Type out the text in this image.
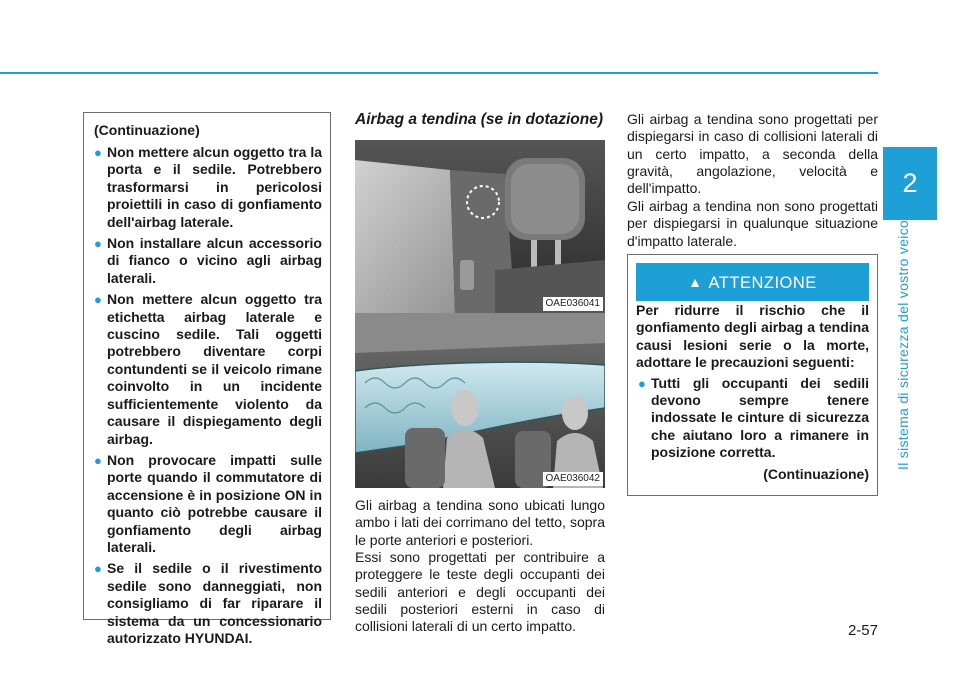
(Continuazione)
● Non mettere alcun oggetto tra la porta e il sedile. Potrebbero trasformarsi in pericolosi proiettili in caso di gonfiamento dell'airbag laterale.
● Non installare alcun accessorio di fianco o vicino agli airbag laterali.
● Non mettere alcun oggetto tra etichetta airbag laterale e cuscino sedile. Tali oggetti potrebbero diventare corpi contundenti se il veicolo rimane coinvolto in un incidente sufficientemente violento da causare il dispiegamento degli airbag.
● Non provocare impatti sulle porte quando il commutatore di accensione è in posizione ON in quanto ciò potrebbe causare il gonfiamento degli airbag laterali.
● Se il sedile o il rivestimento sedile sono danneggiati, non consigliamo di far riparare il sistema da un concessionario autorizzato HYUNDAI.
Airbag a tendina (se in dotazione)
OAE036041
OAE036042
Gli airbag a tendina sono ubicati lungo ambo i lati dei corrimano del tetto, sopra le porte anteriori e posteriori.
Essi sono progettati per contribuire a proteggere le teste degli occupanti dei sedili anteriori e degli occupanti dei sedili posteriori esterni in caso di collisioni laterali di un certo impatto.
Gli airbag a tendina sono progettati per dispiegarsi in caso di collisioni laterali di un certo impatto, a seconda della gravità, angolazione, velocità e dell'impatto.
Gli airbag a tendina non sono progettati per dispiegarsi in qualunque situazione d'impatto laterale.
▲ ATTENZIONE

Per ridurre il rischio che il gonfiamento degli airbag a tendina causi lesioni serie o la morte, adottare le precauzioni seguenti:

● Tutti gli occupanti dei sedili devono sempre tenere indossate le cinture di sicurezza che aiutano loro a rimanere in posizione corretta.
(Continuazione)
2
Il sistema di sicurezza del vostro veicolo
2-57
